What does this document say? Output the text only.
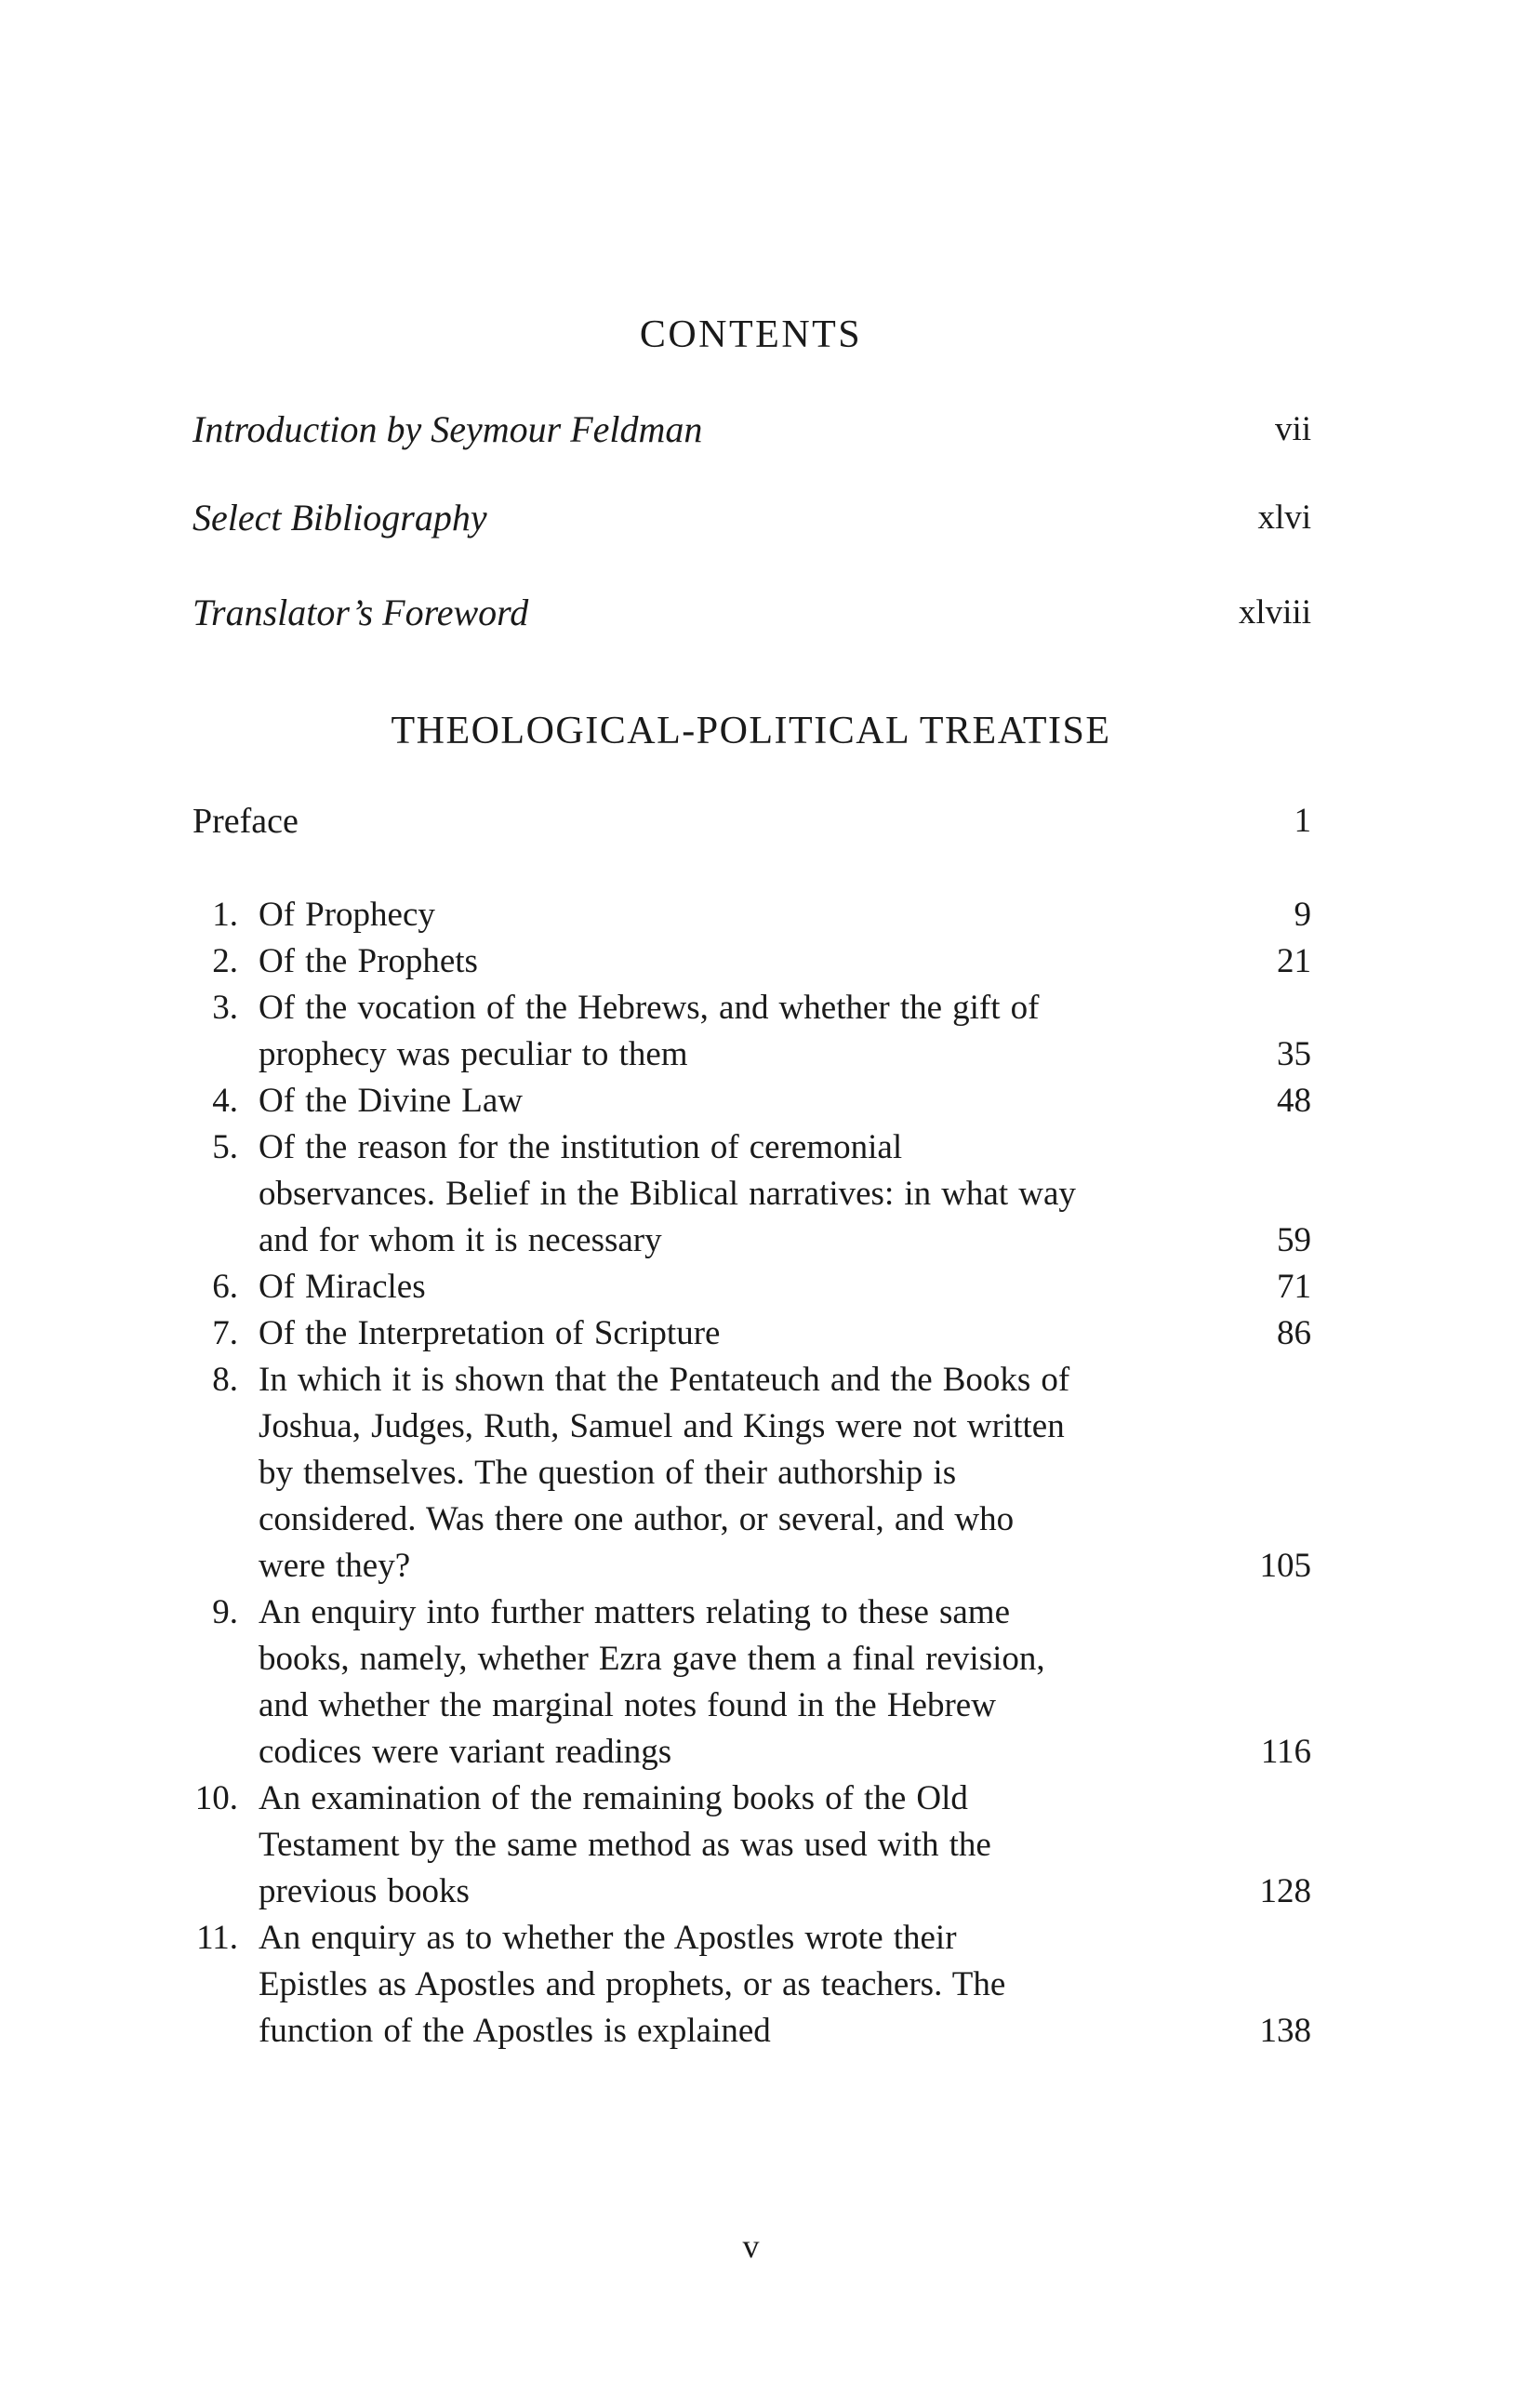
CONTENTS
Introduction by Seymour Feldman	vii
Select Bibliography	xlvi
Translator’s Foreword	xlviii
THEOLOGICAL-POLITICAL TREATISE
Preface	1
1. Of Prophecy	9
2. Of the Prophets	21
3. Of the vocation of the Hebrews, and whether the gift of
prophecy was peculiar to them	35
4. Of the Divine Law	48
5. Of the reason for the institution of ceremonial
observances. Belief in the Biblical narratives: in what way
and for whom it is necessary	59
6. Of Miracles	71
7. Of the Interpretation of Scripture	86
8. In which it is shown that the Pentateuch and the Books of
Joshua, Judges, Ruth, Samuel and Kings were not written
by themselves. The question of their authorship is
considered. Was there one author, or several, and who
were they?	105
9. An enquiry into further matters relating to these same
books, namely, whether Ezra gave them a final revision,
and whether the marginal notes found in the Hebrew
codices were variant readings	116
10. An examination of the remaining books of the Old
Testament by the same method as was used with the
previous books	128
11. An enquiry as to whether the Apostles wrote their
Epistles as Apostles and prophets, or as teachers. The
function of the Apostles is explained	138
v
